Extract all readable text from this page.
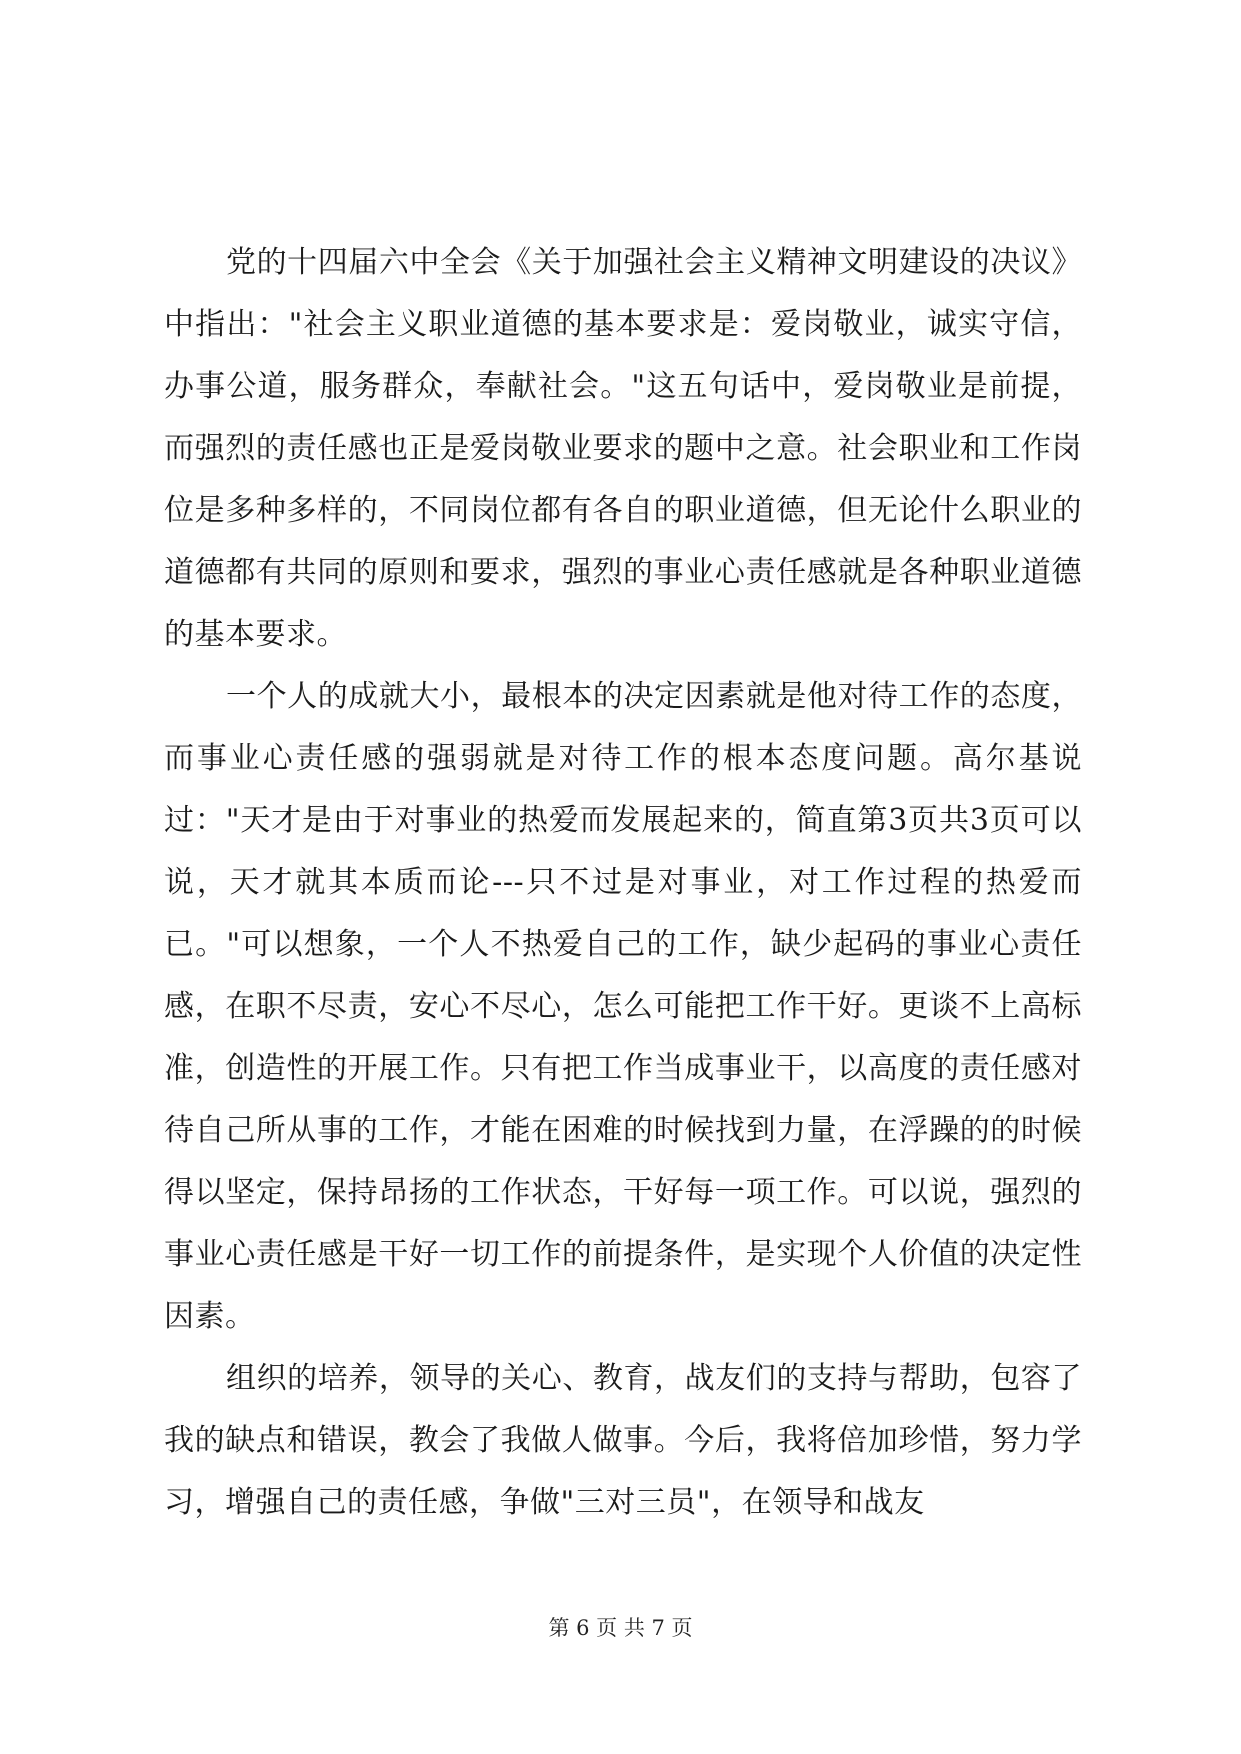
党的十四届六中全会《关于加强社会主义精神文明建设的决议》中指出："社会主义职业道德的基本要求是：爱岗敬业，诚实守信，办事公道，服务群众，奉献社会。"这五句话中，爱岗敬业是前提，而强烈的责任感也正是爱岗敬业要求的题中之意。社会职业和工作岗位是多种多样的，不同岗位都有各自的职业道德，但无论什么职业的道德都有共同的原则和要求，强烈的事业心责任感就是各种职业道德的基本要求。

一个人的成就大小，最根本的决定因素就是他对待工作的态度，而事业心责任感的强弱就是对待工作的根本态度问题。高尔基说过："天才是由于对事业的热爱而发展起来的，简直第3页共3页可以说，天才就其本质而论---只不过是对事业，对工作过程的热爱而已。"可以想象，一个人不热爱自己的工作，缺少起码的事业心责任感，在职不尽责，安心不尽心，怎么可能把工作干好。更谈不上高标准，创造性的开展工作。只有把工作当成事业干，以高度的责任感对待自己所从事的工作，才能在困难的时候找到力量，在浮躁的的时候得以坚定，保持昂扬的工作状态，干好每一项工作。可以说，强烈的事业心责任感是干好一切工作的前提条件，是实现个人价值的决定性因素。

组织的培养，领导的关心、教育，战友们的支持与帮助，包容了我的缺点和错误，教会了我做人做事。今后，我将倍加珍惜，努力学习，增强自己的责任感，争做"三对三员"，在领导和战友

第 6 页 共 7 页
